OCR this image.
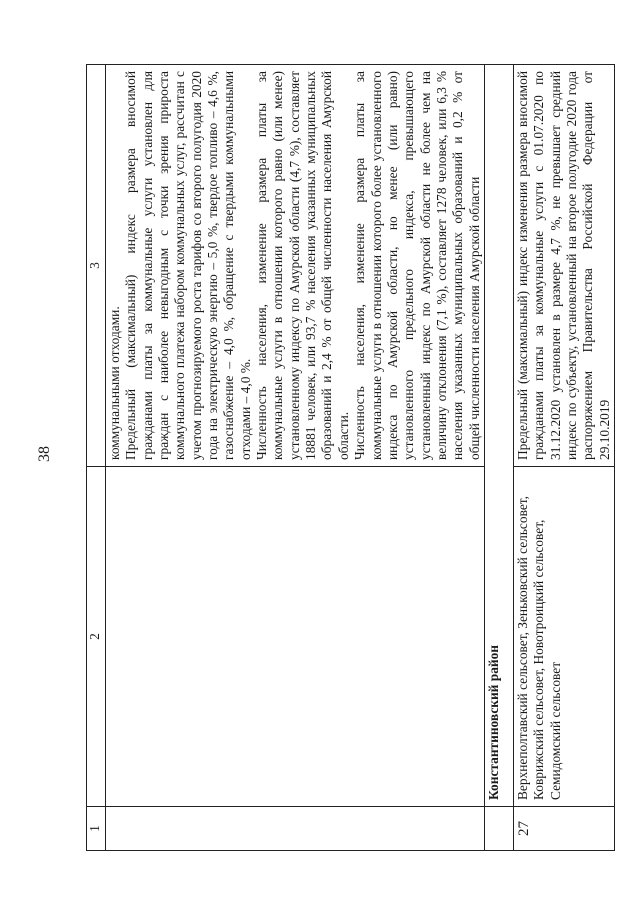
38
1	2	3

		коммунальными отходами. Предельный (максимальный) индекс размера вносимой гражданами платы за коммунальные услуги установлен для граждан с наиболее невыгодным с точки зрения прироста коммунального платежа набором коммунальных услуг, рассчитан с учетом прогнозируемого роста тарифов со второго полугодия 2020 года на электрическую энергию – 5,0 %, твердое топливо – 4,6 %, газоснабжение – 4,0 %, обращение с твердыми коммунальными отходами – 4,0 %. Численность населения, изменение размера платы за коммунальные услуги в отношении которого равно (или менее) установленному индексу по Амурской области (4,7 %), составляет 18881 человек, или 93,7 % населения указанных муниципальных образований и 2,4 % от общей численности населения Амурской области. Численность населения, изменение размера платы за коммунальные услуги в отношении которого более установленного индекса по Амурской области, но менее (или равно) установленного предельного индекса, превышающего установленный индекс по Амурской области не более чем на величину отклонения (7,1 %), составляет 1278 человек, или 6,3 % населения указанных муниципальных образований и 0,2 % от общей численности населения Амурской области

	Константиновский район	
27	Верхнеполтавский сельсовет, Зеньковский сельсовет, Коврижский сельсовет, Новотроицкий сельсовет, Семидомский сельсовет	Предельный (максимальный) индекс изменения размера вносимой гражданами платы за коммунальные услуги с 01.07.2020 по 31.12.2020 установлен в размере 4,7 %, не превышает средний индекс по субъекту, установленный на второе полугодие 2020 года распоряжением Правительства Российской Федерации от 29.10.2019
